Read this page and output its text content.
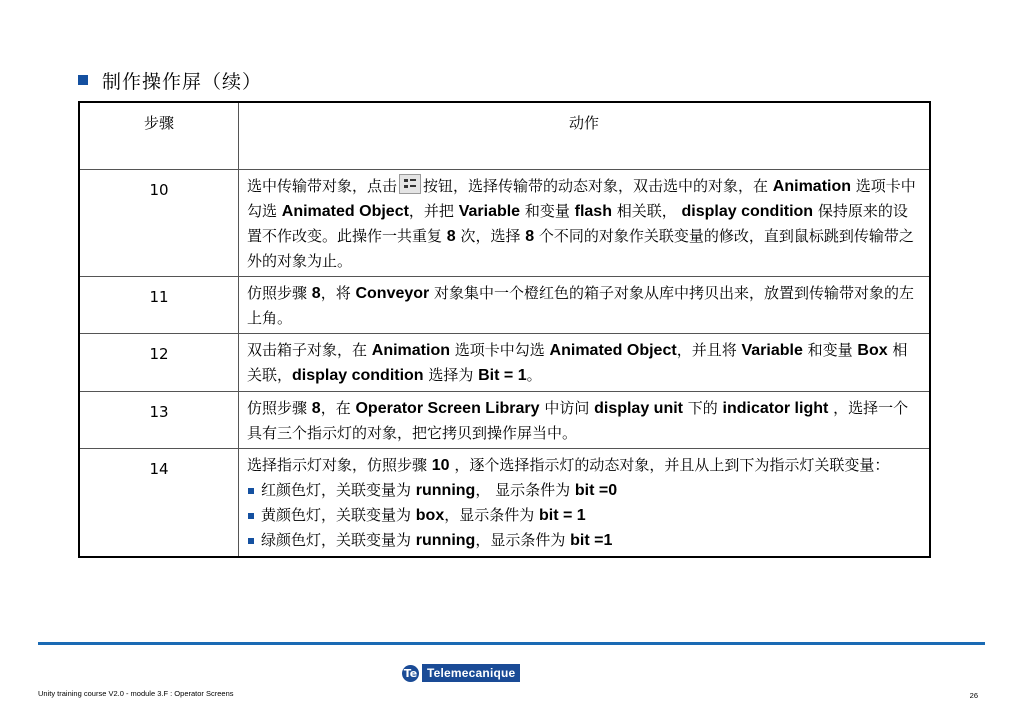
制作操作屏（续）
步骤	动作
10	选中传输带对象，点击 按钮，选择传输带的动态对象，双击选中的对象，在 Animation 选项卡中勾选 Animated Object，并把 Variable 和变量 flash 相关联， display condition 保持原来的设置不作改变。此操作一共重复 8 次，选择 8 个不同的对象作关联变量的修改，直到鼠标跳到传输带之外的对象为止。

11	仿照步骤 8，将 Conveyor 对象集中一个橙红色的箱子对象从库中拷贝出来，放置到传输带对象的左上角。

12	双击箱子对象，在 Animation 选项卡中勾选 Animated Object，并且将 Variable 和变量 Box 相关联，display condition 选择为 Bit = 1。

13	仿照步骤 8，在 Operator Screen Library 中访问 display unit 下的 indicator light ，选择一个具有三个指示灯的对象，把它拷贝到操作屏当中。

14	选择指示灯对象，仿照步骤 10 ，逐个选择指示灯的动态对象，并且从上到下为指示灯关联变量：
红颜色灯，关联变量为 running， 显示条件为 bit =0
黄颜色灯，关联变量为 box，显示条件为 bit = 1
绿颜色灯，关联变量为 running，显示条件为 bit =1
Te Telemecanique
Unity training course V2.0 - module 3.F : Operator Screens	26
